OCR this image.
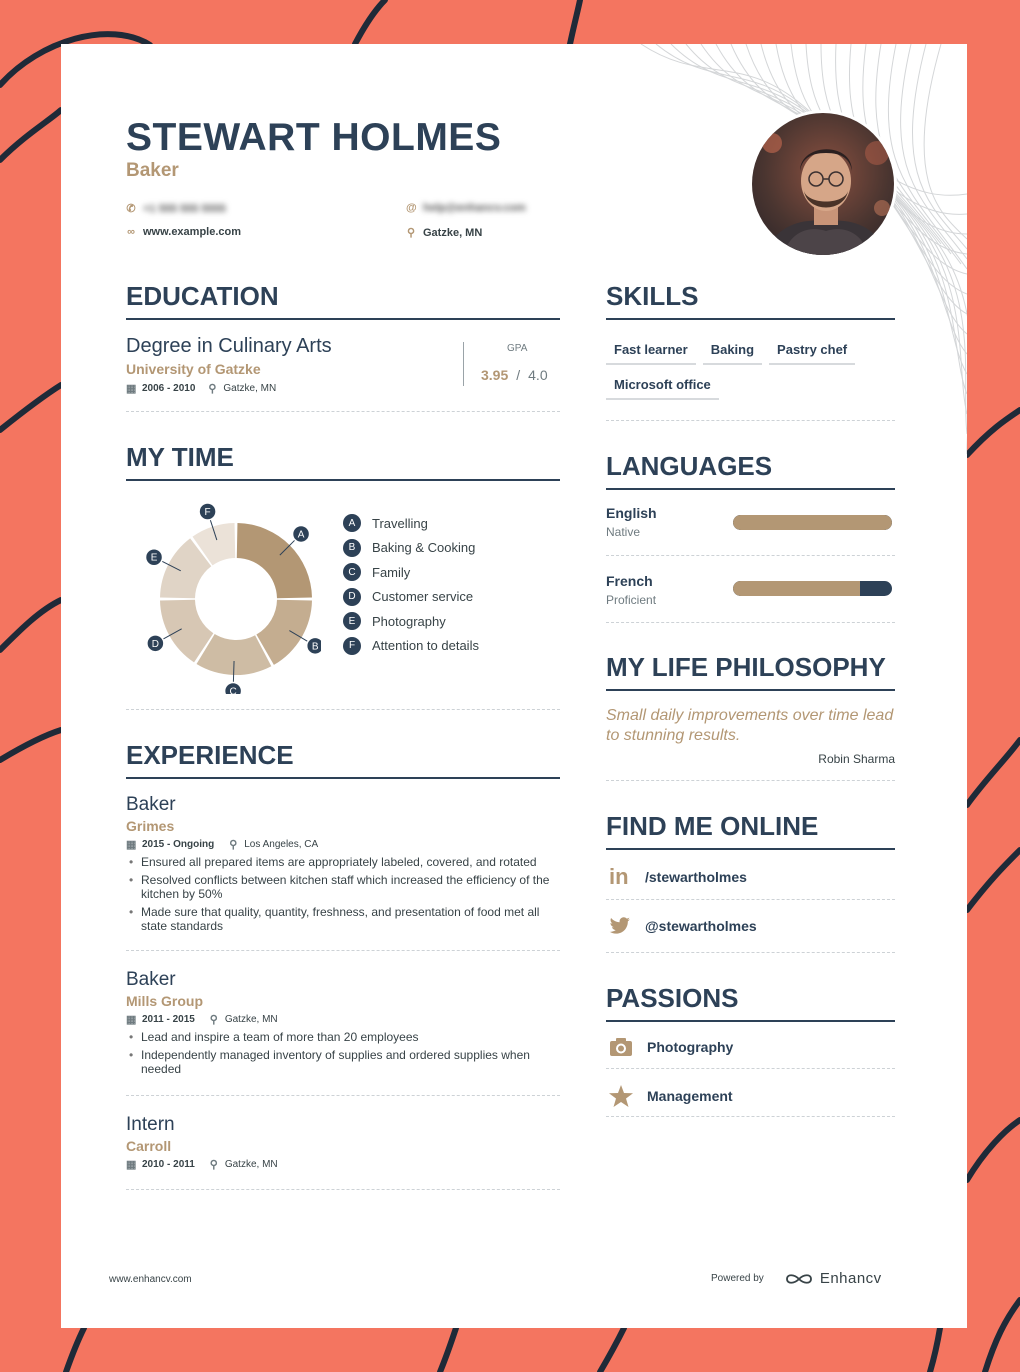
STEWART HOLMES
Baker
✆ +1 555 555 5555	@ help@enhancv.com
∞ www.example.com	⚲ Gatzke, MN
EDUCATION
Degree in Culinary Arts
University of Gatzke
▦ 2006 - 2010 ⚲ Gatzke, MN
GPA
3.95 / 4.0
MY TIME
A
B
C
D
E
F
A	Travelling
B	Baking & Cooking
C	Family
D	Customer service
E	Photography
F	Attention to details
EXPERIENCE
Baker
Grimes
▦ 2015 - Ongoing ⚲ Los Angeles, CA
• Ensured all prepared items are appropriately labeled, covered, and rotated
• Resolved conflicts between kitchen staff which increased the efficiency of the kitchen by 50%
• Made sure that quality, quantity, freshness, and presentation of food met all state standards
Baker
Mills Group
▦ 2011 - 2015 ⚲ Gatzke, MN
• Lead and inspire a team of more than 20 employees
• Independently managed inventory of supplies and ordered supplies when needed
Intern
Carroll
▦ 2010 - 2011 ⚲ Gatzke, MN
SKILLS
Fast learner Baking Pastry chef
Microsoft office
LANGUAGES
English
Native
French
Proficient
MY LIFE PHILOSOPHY
Small daily improvements over time lead to stunning results.
Robin Sharma
FIND ME ONLINE
in /stewartholmes
@stewartholmes
PASSIONS
Photography
Management
www.enhancv.com	Powered by	Enhancv
